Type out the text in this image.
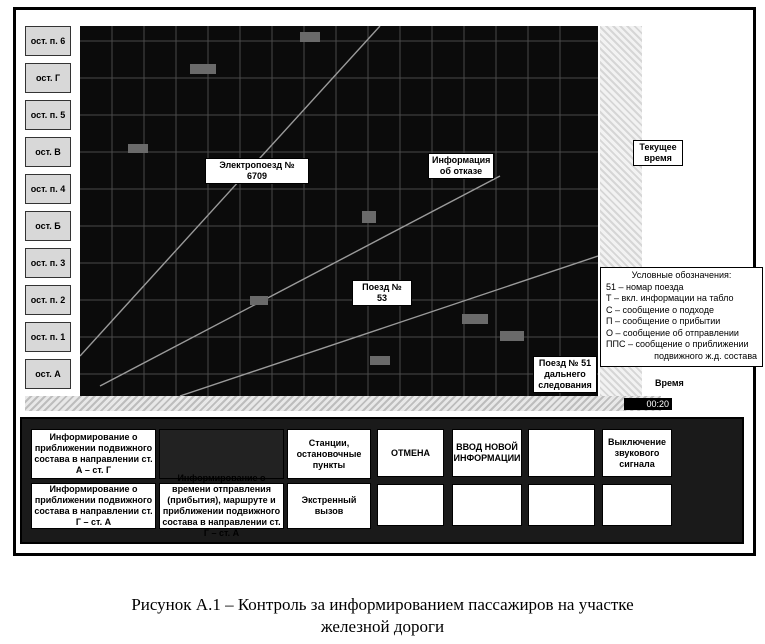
ост. п. 6
ост. Г
ост. п. 5
ост. В
ост. п. 4
ост. Б
ост. п. 3
ост. п. 2
ост. п. 1
ост. А
Электропоезд № 6709
Информация об отказе
Поезд № 53
Поезд № 51 дальнего следования
Текущее время
Условные обозначения:
51 – номар поезда
Т – вкл. информации на табло
С – сообщение о подходе
П – сообщение о прибытии
О – сообщение об отправлении
ППС – сообщение о приближении
подвижного ж.д. состава
Время
00:20
Информирование о приближении подвижного состава в направлении ст. А – ст. Г
Информирование о приближении подвижного состава в направлении ст. Г – ст. А
времени отправления (прибытия), маршруте и приближении подвижного состава в направлении ст. Г – ст. А
Станции, остановочные пункты
Экстренный вызов
ОТМЕНА
ВВОД НОВОЙ ИНФОРМАЦИИ
Выключение звукового сигнала
Рисунок А.1 – Контроль за информированием пассажиров на участке
железной дороги
